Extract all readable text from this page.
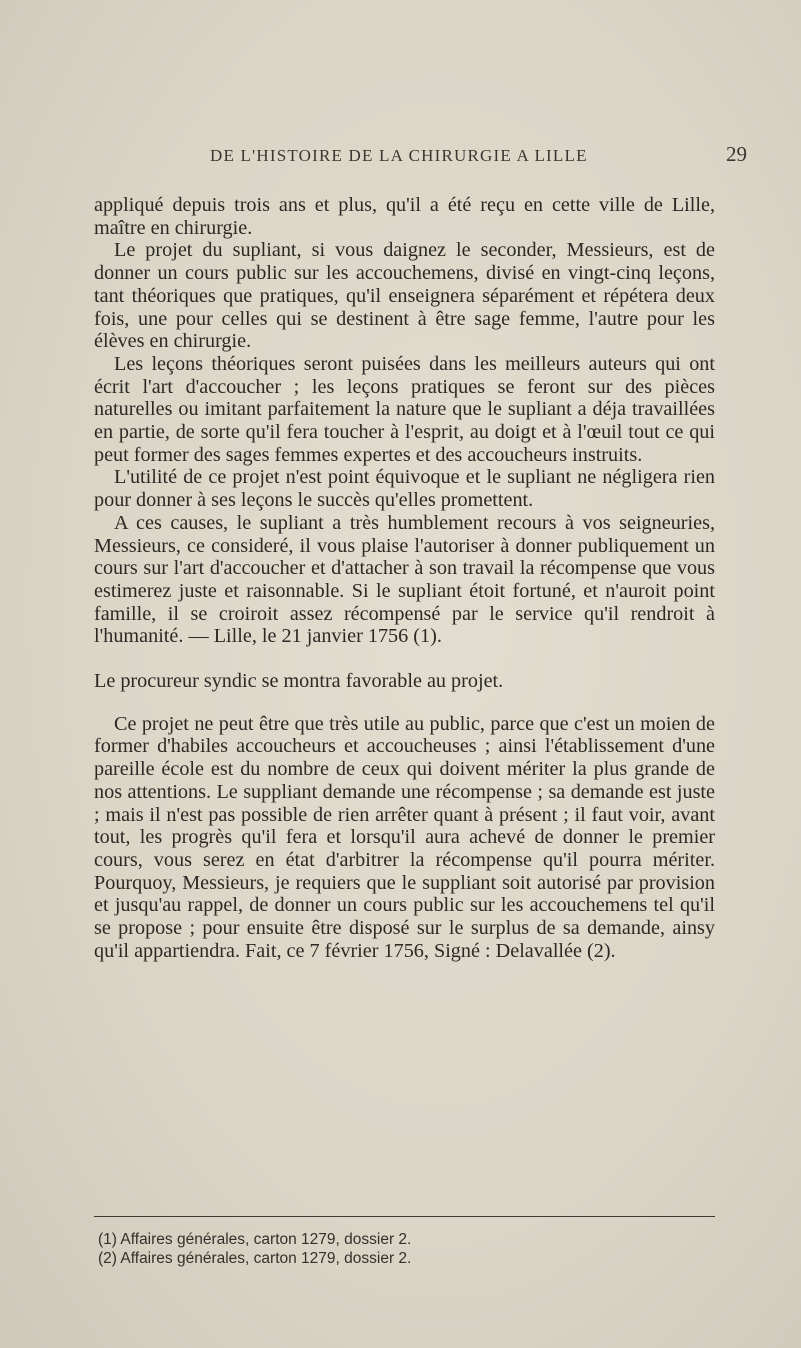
DE L'HISTOIRE DE LA CHIRURGIE A LILLE	29

appliqué depuis trois ans et plus, qu'il a été reçu en cette ville de Lille, maître en chirurgie.

Le projet du supliant, si vous daignez le seconder, Messieurs, est de donner un cours public sur les accouchemens, divisé en vingt-cinq leçons, tant théoriques que pratiques, qu'il enseignera séparément et répétera deux fois, une pour celles qui se destinent à être sage femme, l'autre pour les élèves en chirurgie.

Les leçons théoriques seront puisées dans les meilleurs auteurs qui ont écrit l'art d'accoucher ; les leçons pratiques se feront sur des pièces naturelles ou imitant parfaitement la nature que le supliant a déja travaillées en partie, de sorte qu'il fera toucher à l'esprit, au doigt et à l'œuil tout ce qui peut former des sages femmes expertes et des accoucheurs instruits.

L'utilité de ce projet n'est point équivoque et le supliant ne négligera rien pour donner à ses leçons le succès qu'elles promettent.

A ces causes, le supliant a très humblement recours à vos seigneuries, Messieurs, ce consideré, il vous plaise l'autoriser à donner publiquement un cours sur l'art d'accoucher et d'attacher à son travail la récompense que vous estimerez juste et raisonnable. Si le supliant étoit fortuné, et n'auroit point famille, il se croiroit assez récompensé par le service qu'il rendroit à l'humanité. — Lille, le 21 janvier 1756 (1).

Le procureur syndic se montra favorable au projet.

Ce projet ne peut être que très utile au public, parce que c'est un moien de former d'habiles accoucheurs et accoucheuses ; ainsi l'établissement d'une pareille école est du nombre de ceux qui doivent mériter la plus grande de nos attentions. Le suppliant demande une récompense ; sa demande est juste ; mais il n'est pas possible de rien arrêter quant à présent ; il faut voir, avant tout, les progrès qu'il fera et lorsqu'il aura achevé de donner le premier cours, vous serez en état d'arbitrer la récompense qu'il pourra mériter. Pourquoy, Messieurs, je requiers que le suppliant soit autorisé par provision et jusqu'au rappel, de donner un cours public sur les accouchemens tel qu'il se propose ; pour ensuite être disposé sur le surplus de sa demande, ainsy qu'il appartiendra. Fait, ce 7 février 1756, Signé : Delavallée (2).

(1) Affaires générales, carton 1279, dossier 2.
(2) Affaires générales, carton 1279, dossier 2.
